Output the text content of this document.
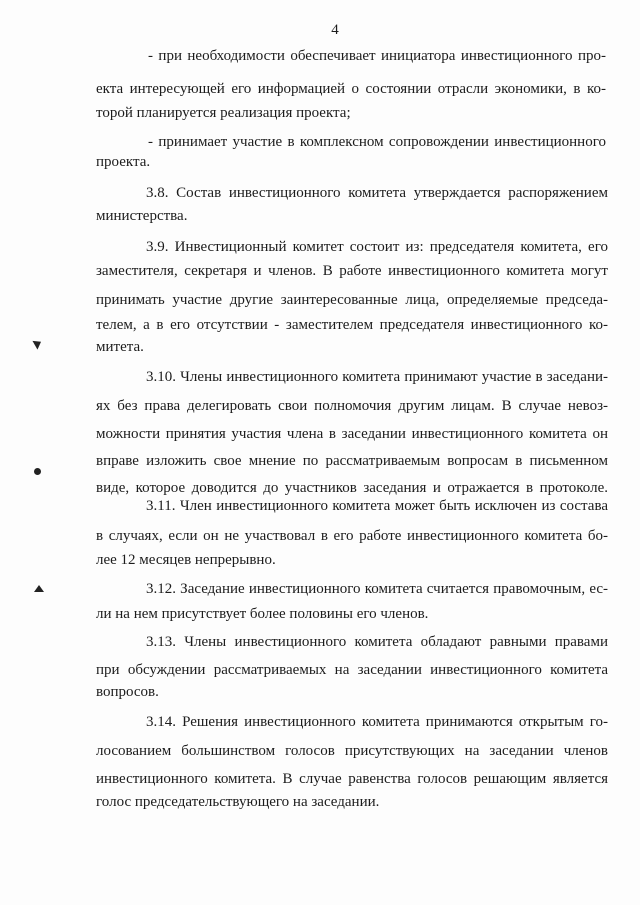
4
- при необходимости обеспечивает инициатора инвестиционного про-
екта интересующей его информацией о состоянии отрасли экономики, в ко-
торой планируется реализация проекта;
- принимает участие в комплексном сопровождении инвестиционного
проекта.
3.8. Состав инвестиционного комитета утверждается распоряжением
министерства.
3.9. Инвестиционный комитет состоит из: председателя комитета, его
заместителя, секретаря и членов. В работе инвестиционного комитета могут
принимать участие другие заинтересованные лица, определяемые председа-
телем, а в его отсутствии - заместителем председателя инвестиционного ко-
митета.
3.10. Члены инвестиционного комитета принимают участие в заседани-
ях без права делегировать свои полномочия другим лицам. В случае невоз-
можности принятия участия члена в заседании инвестиционного комитета он
вправе изложить свое мнение по рассматриваемым вопросам в письменном
виде, которое доводится до участников заседания и отражается в протоколе.
3.11. Член инвестиционного комитета может быть исключен из состава
в случаях, если он не участвовал в его работе инвестиционного комитета бо-
лее 12 месяцев непрерывно.
3.12. Заседание инвестиционного комитета считается правомочным, ес-
ли на нем присутствует более половины его членов.
3.13. Члены инвестиционного комитета обладают равными правами
при обсуждении рассматриваемых на заседании инвестиционного комитета
вопросов.
3.14. Решения инвестиционного комитета принимаются открытым го-
лосованием большинством голосов присутствующих на заседании членов
инвестиционного комитета. В случае равенства голосов решающим является
голос председательствующего на заседании.
